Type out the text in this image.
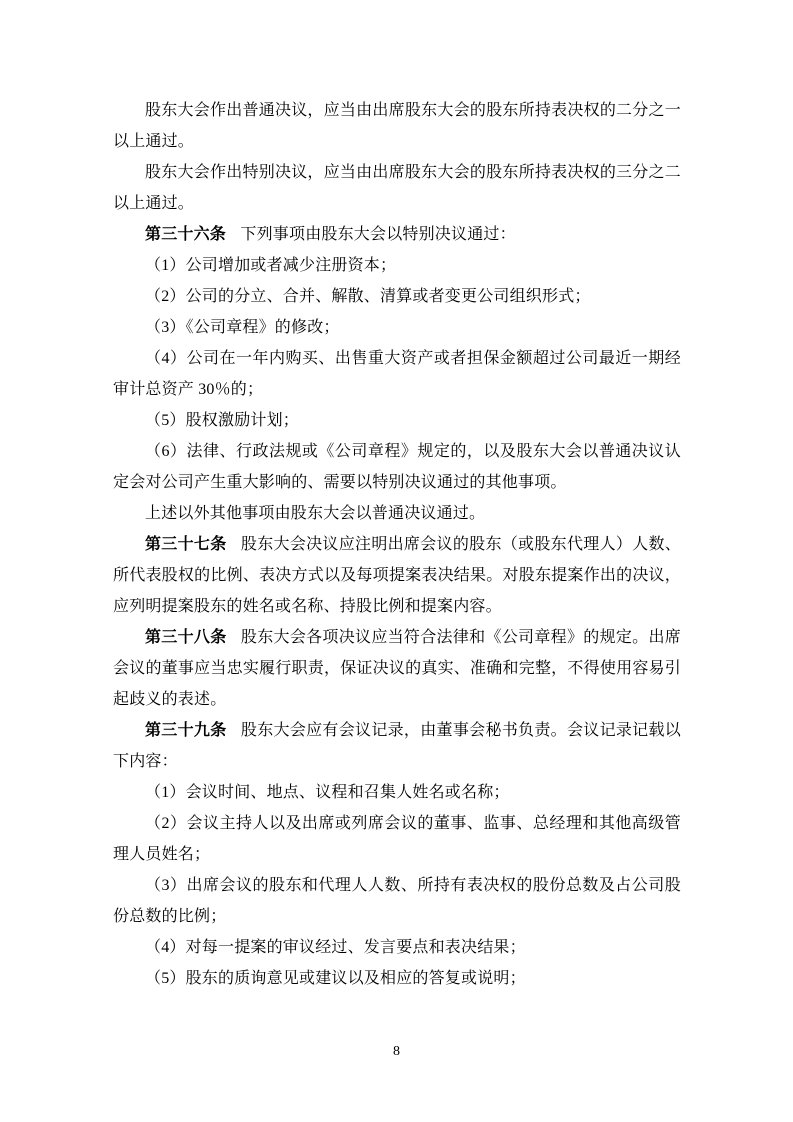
股东大会作出普通决议，应当由出席股东大会的股东所持表决权的二分之一以上通过。

股东大会作出特别决议，应当由出席股东大会的股东所持表决权的三分之二以上通过。

第三十六条 下列事项由股东大会以特别决议通过：

（1）公司增加或者减少注册资本；

（2）公司的分立、合并、解散、清算或者变更公司组织形式；

（3）《公司章程》的修改；

（4）公司在一年内购买、出售重大资产或者担保金额超过公司最近一期经审计总资产 30％的；

（5）股权激励计划；

（6）法律、行政法规或《公司章程》规定的，以及股东大会以普通决议认定会对公司产生重大影响的、需要以特别决议通过的其他事项。

上述以外其他事项由股东大会以普通决议通过。

第三十七条 股东大会决议应注明出席会议的股东（或股东代理人）人数、所代表股权的比例、表决方式以及每项提案表决结果。对股东提案作出的决议，应列明提案股东的姓名或名称、持股比例和提案内容。

第三十八条 股东大会各项决议应当符合法律和《公司章程》的规定。出席会议的董事应当忠实履行职责，保证决议的真实、准确和完整，不得使用容易引起歧义的表述。

第三十九条 股东大会应有会议记录，由董事会秘书负责。会议记录记载以下内容：

（1）会议时间、地点、议程和召集人姓名或名称；

（2）会议主持人以及出席或列席会议的董事、监事、总经理和其他高级管理人员姓名；

（3）出席会议的股东和代理人人数、所持有表决权的股份总数及占公司股份总数的比例；

（4）对每一提案的审议经过、发言要点和表决结果；

（5）股东的质询意见或建议以及相应的答复或说明；

8
